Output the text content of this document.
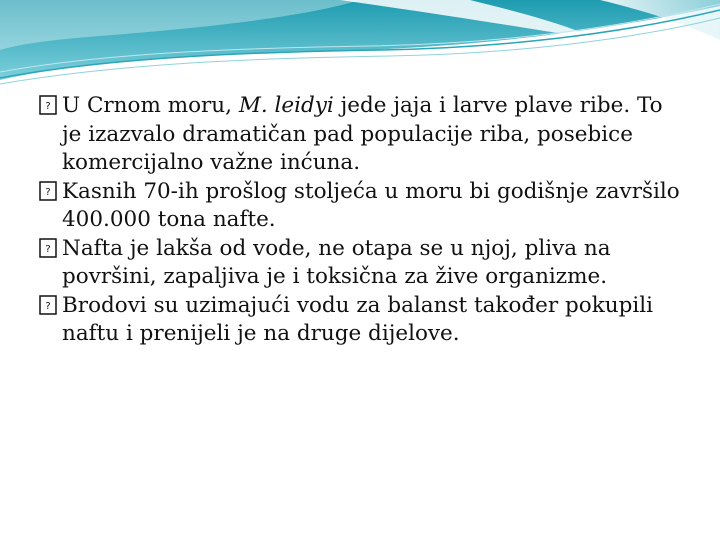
? U Crnom moru, M. leidyi jede jaja i larve plave ribe. To je izazvalo dramatičan pad populacije riba, posebice komercijalno važne inćuna.

? Kasnih 70-ih prošlog stoljeća u moru bi godišnje završilo 400.000 tona nafte.

? Nafta je lakša od vode, ne otapa se u njoj, pliva na površini, zapaljiva je i toksična za žive organizme.

? Brodovi su uzimajući vodu za balanst također pokupili naftu i prenijeli je na druge dijelove.
